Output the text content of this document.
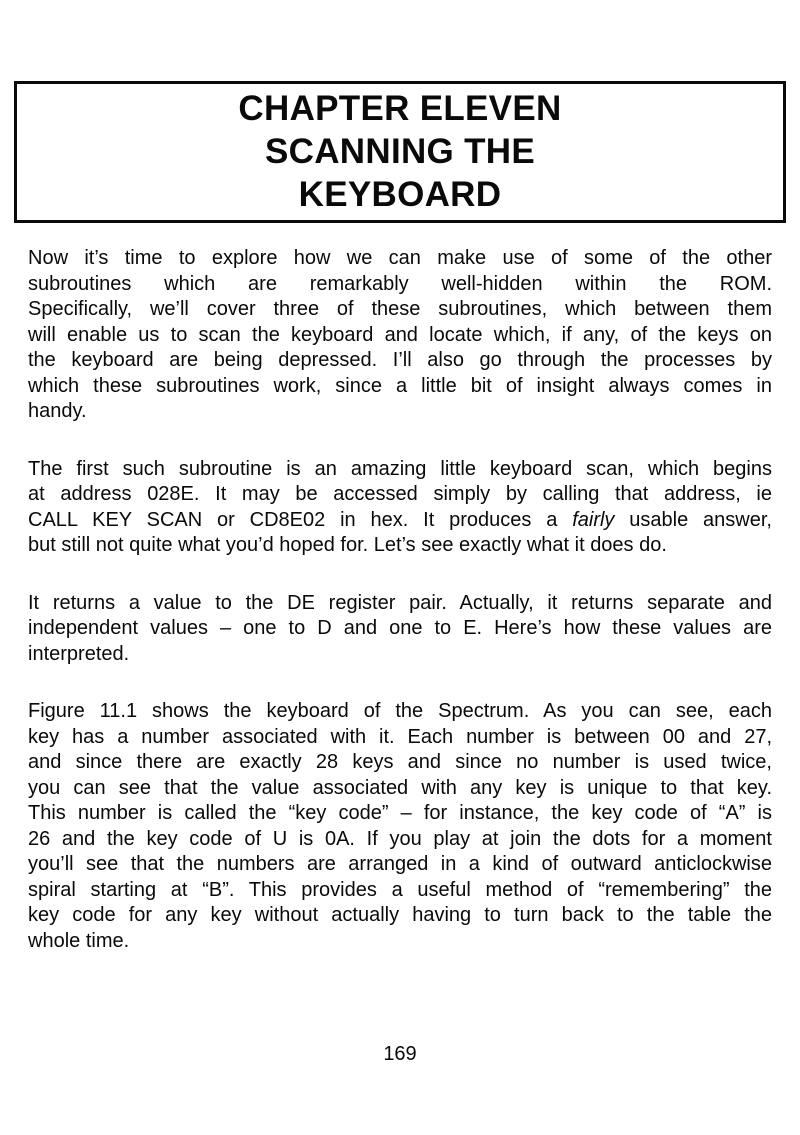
CHAPTER ELEVEN
SCANNING THE
KEYBOARD
Now it’s time to explore how we can make use of some of the other
subroutines which are remarkably well-hidden within the ROM.
Specifically, we’ll cover three of these subroutines, which between them
will enable us to scan the keyboard and locate which, if any, of the keys on
the keyboard are being depressed. I’ll also go through the processes by
which these subroutines work, since a little bit of insight always comes in
handy.
The first such subroutine is an amazing little keyboard scan, which begins
at address 028E. It may be accessed simply by calling that address, ie
CALL KEY SCAN or CD8E02 in hex. It produces a fairly usable answer,
but still not quite what you’d hoped for. Let’s see exactly what it does do.
It returns a value to the DE register pair. Actually, it returns separate and
independent values – one to D and one to E. Here’s how these values are
interpreted.
Figure 11.1 shows the keyboard of the Spectrum. As you can see, each
key has a number associated with it. Each number is between 00 and 27,
and since there are exactly 28 keys and since no number is used twice,
you can see that the value associated with any key is unique to that key.
This number is called the “key code” – for instance, the key code of “A” is
26 and the key code of U is 0A. If you play at join the dots for a moment
you’ll see that the numbers are arranged in a kind of outward anticlockwise
spiral starting at “B”. This provides a useful method of “remembering” the
key code for any key without actually having to turn back to the table the
whole time.
169
